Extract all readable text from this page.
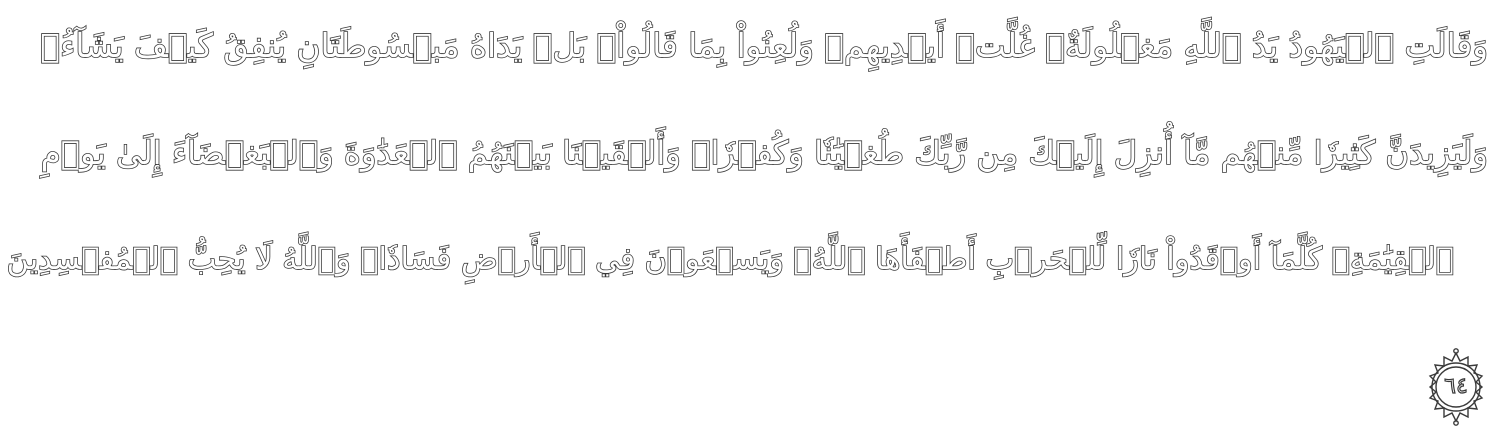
وَقَالَتِ ٱلۡيَهُودُ يَدُ ٱللَّهِ مَغۡلُولَةٌۚ غُلَّتۡ أَيۡدِيهِمۡ وَلُعِنُواْ بِمَا قَالُواْۘ بَلۡ يَدَاهُ مَبۡسُوطَتَانِ يُنفِقُ كَيۡفَ يَشَآءُۚ
وَلَيَزِيدَنَّ كَثِيرٗا مِّنۡهُم مَّآ أُنزِلَ إِلَيۡكَ مِن رَّبِّكَ طُغۡيَٰنٗا وَكُفۡرٗاۚ وَأَلۡقَيۡنَا بَيۡنَهُمُ ٱلۡعَدَٰوَةَ وَٱلۡبَغۡضَآءَ إِلَىٰ يَوۡمِ
ٱلۡقِيَٰمَةِۚ كُلَّمَآ أَوۡقَدُواْ نَارٗا لِّلۡحَرۡبِ أَطۡفَأَهَا ٱللَّهُۚ وَيَسۡعَوۡنَ فِي ٱلۡأَرۡضِ فَسَادٗاۚ وَٱللَّهُ لَا يُحِبُّ ٱلۡمُفۡسِدِينَ
٦٤
